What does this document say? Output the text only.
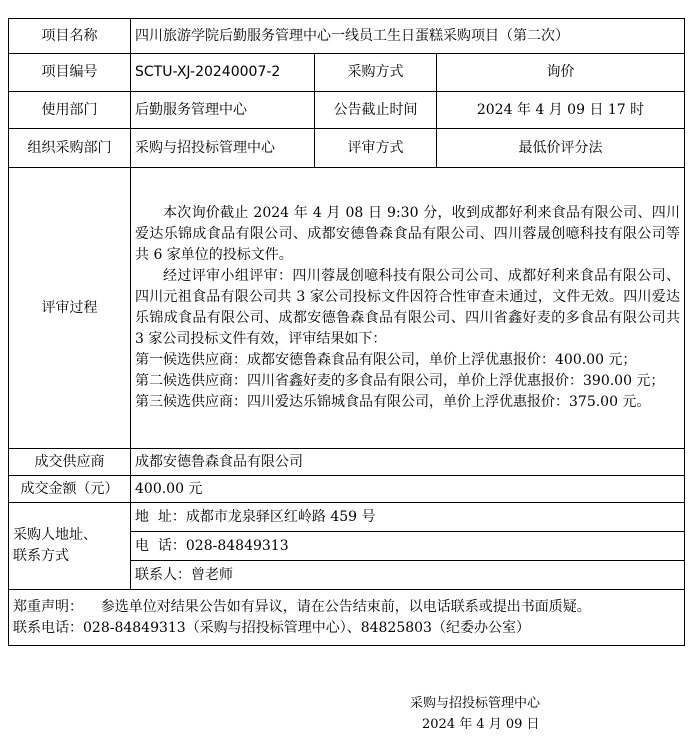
项目名称	四川旅游学院后勤服务管理中心一线员工生日蛋糕采购项目（第二次）		
项目编号	SCTU-XJ-20240007-2	采购方式	询价
使用部门	后勤服务管理中心	公告截止时间	2024 年 4 月 09 日 17 时
组织采购部门	采购与招投标管理中心	评审方式	最低价评分法
评审过程	本次询价截止 2024 年 4 月 08 日 9:30 分，收到成都好利来食品有限公司、四川爱达乐锦成食品有限公司、成都安德鲁森食品有限公司、四川蓉晟创噫科技有限公司等共 6 家单位的投标文件。

经过评审小组评审：四川蓉晟创噫科技有限公司公司、成都好利来食品有限公司、四川元祖食品有限公司共 3 家公司投标文件因符合性审查未通过，文件无效。四川爱达乐锦成食品有限公司、成都安德鲁森食品有限公司、四川省鑫好麦的多食品有限公司共 3 家公司投标文件有效，评审结果如下：

第一候选供应商：成都安德鲁森食品有限公司，单价上浮优惠报价：400.00 元；

第二候选供应商：四川省鑫好麦的多食品有限公司，单价上浮优惠报价：390.00 元；

第三候选供应商：四川爱达乐锦城食品有限公司，单价上浮优惠报价：375.00 元。		

成交供应商	成都安德鲁森食品有限公司		
成交金额（元）	400.00 元		

采购人地址、
联系方式	地  址：成都市龙泉驿区红岭路 459 号		
	电  话：028-84849313		
	联系人：曾老师		

郑重声明：    参选单位对结果公告如有异议，请在公告结束前，以电话联系或提出书面质疑。
联系电话：028-84849313（采购与招投标管理中心）、84825803（纪委办公室）			
采购与招投标管理中心
2024 年 4 月 09 日
